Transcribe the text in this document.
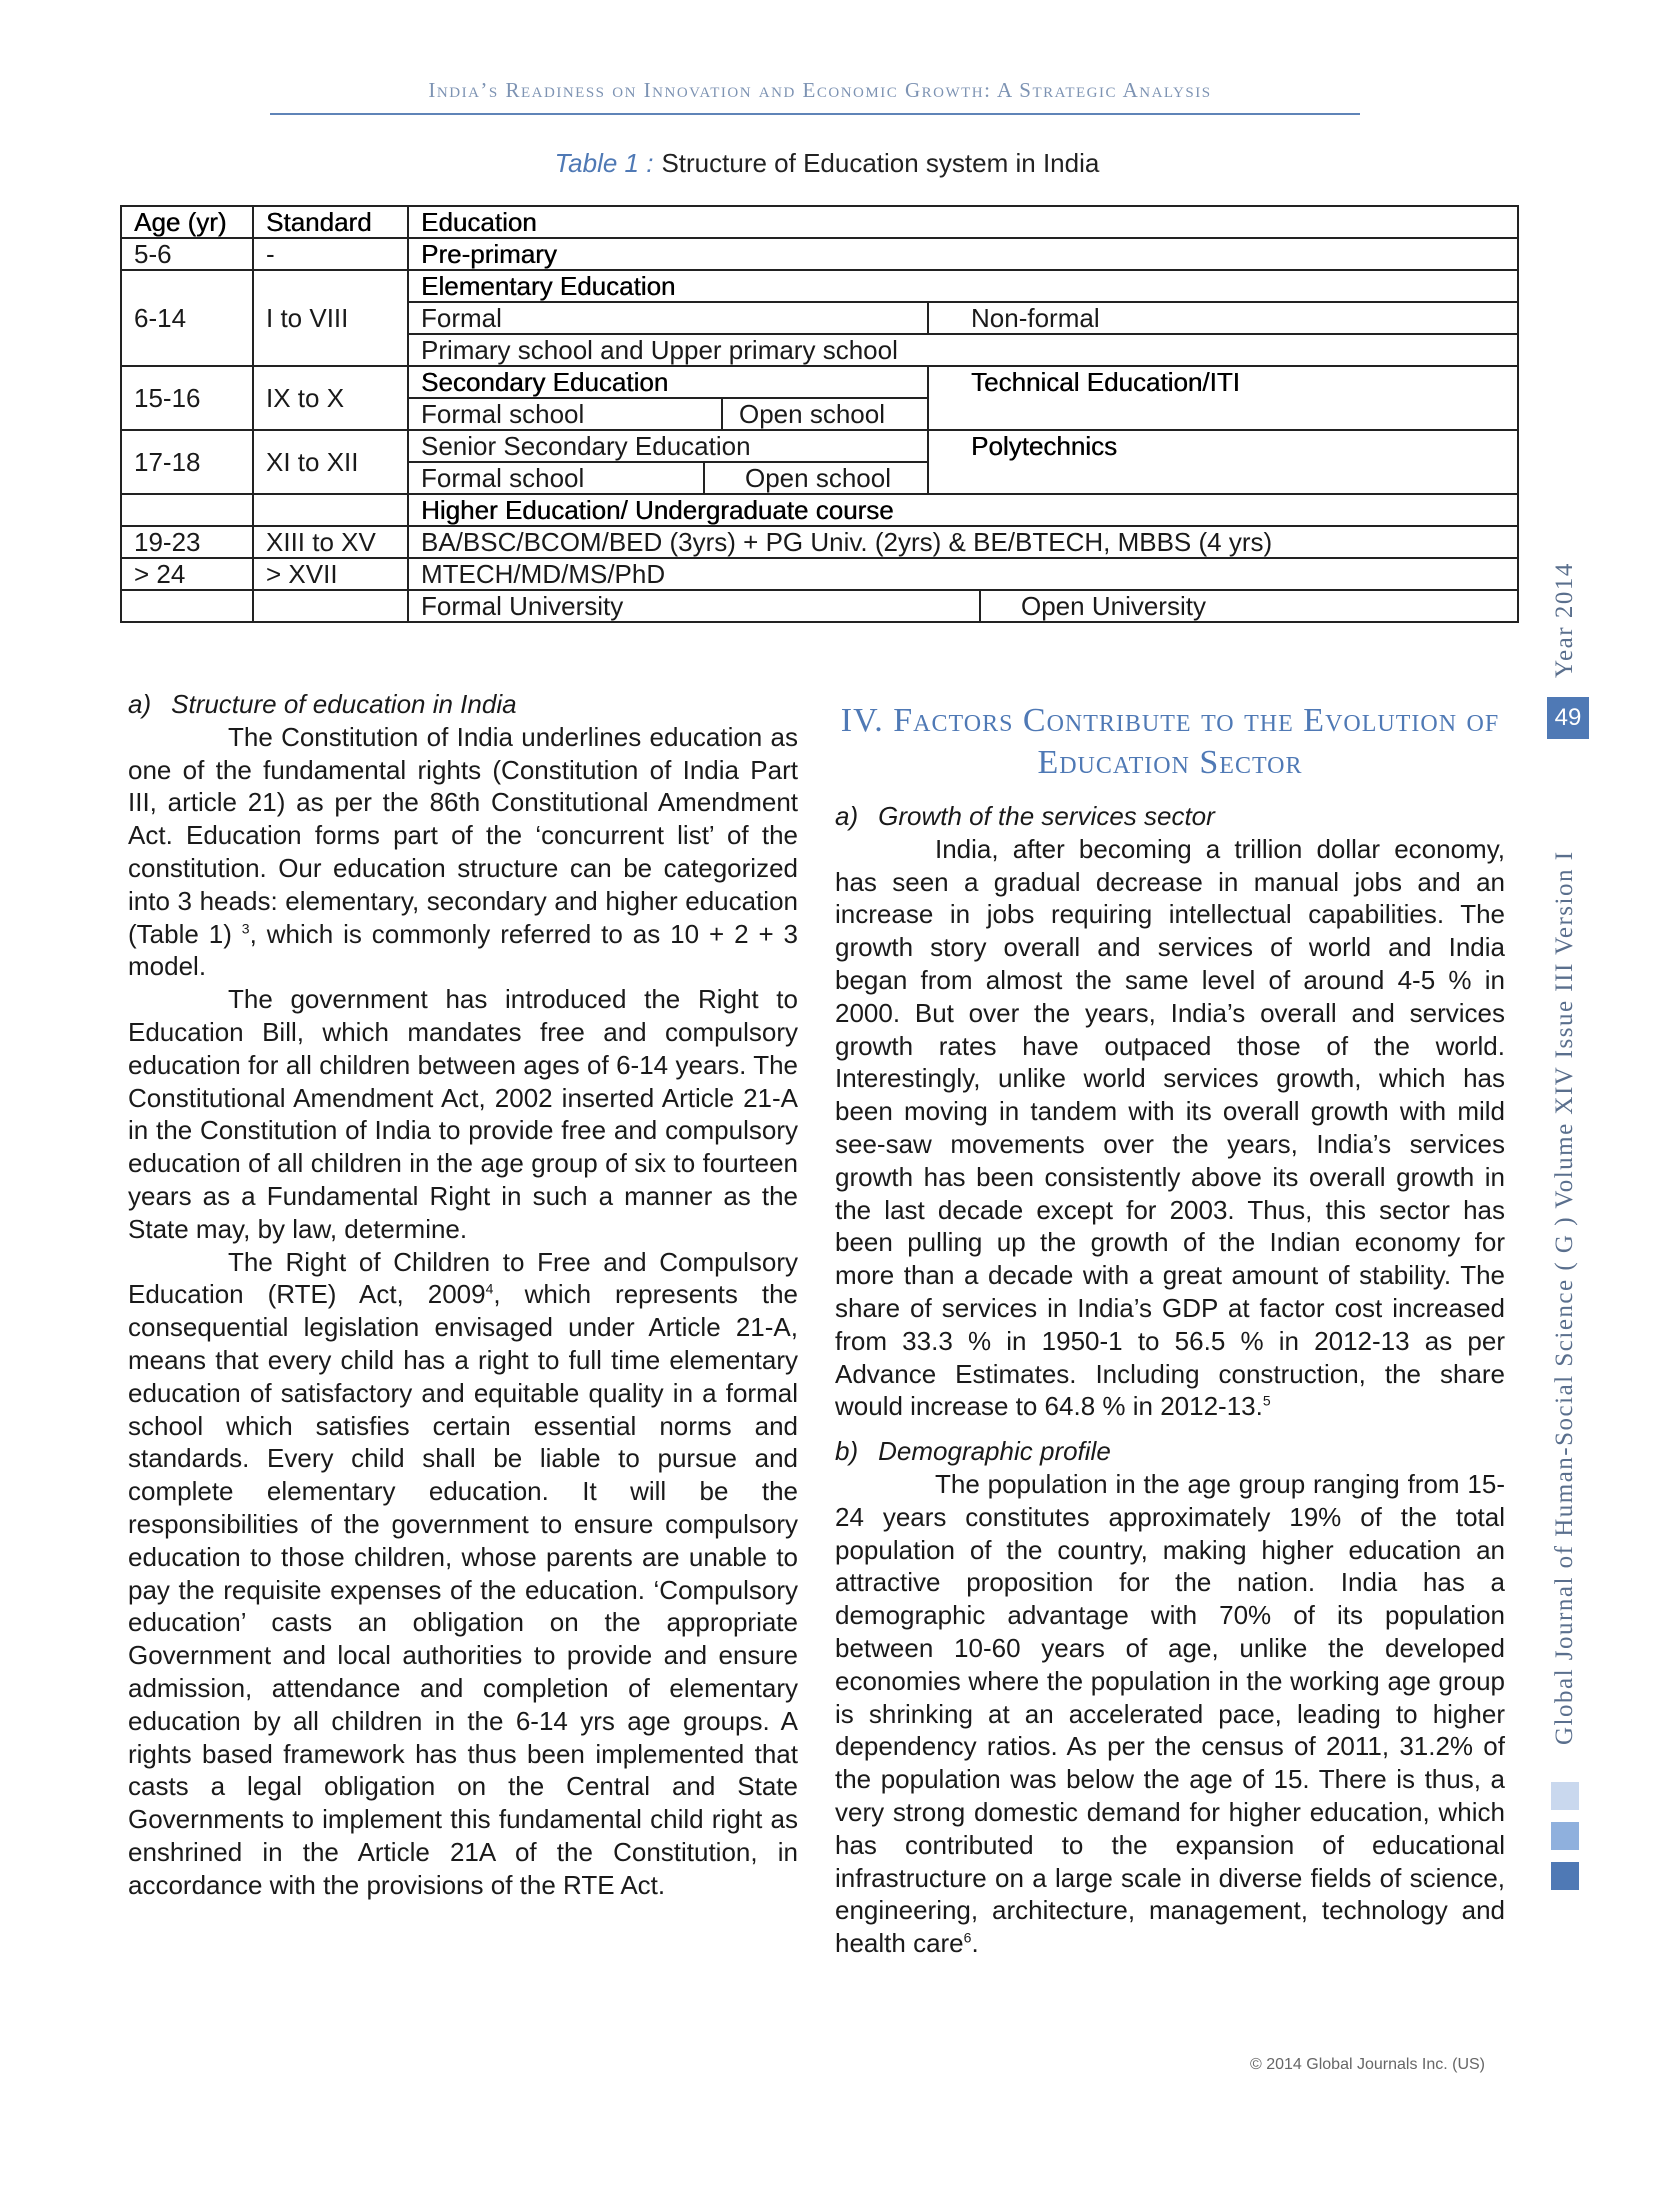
India’s Readiness on Innovation and Economic Growth: A Strategic Analysis
Table 1 : Structure of Education system in India
Age (yr)	Standard	Education	
5-6	-	Pre-primary	
6-14	I to VIII	Elementary Education	
		Formal	Non-formal
		Primary school and Upper primary school	
15-16	IX to X	Secondary Education	Technical Education/ITI

		Formal school Open school	

17-18	XI to XII	Senior Secondary Education	Polytechnics

		Formal school Open school	

		Higher Education/ Undergraduate course	
19-23	XIII to XV	BA/BSC/BCOM/BED (3yrs) + PG Univ. (2yrs) & BE/BTECH, MBBS (4 yrs)	
> 24	> XVII	MTECH/MD/MS/PhD	

		Formal University Open University	
a) Structure of education in India

The Constitution of India underlines education as one of the fundamental rights (Constitution of India Part III, article 21) as per the 86th Constitutional Amendment Act. Education forms part of the ‘concurrent list’ of the constitution. Our education structure can be categorized into 3 heads: elementary, secondary and higher education (Table 1) $^3$, which is commonly referred to as 10 + 2 + 3 model.

The government has introduced the Right to Education Bill, which mandates free and compulsory education for all children between ages of 6-14 years. The Constitutional Amendment Act, 2002 inserted Article 21-A in the Constitution of India to provide free and compulsory education of all children in the age group of six to fourteen years as a Fundamental Right in such a manner as the State may, by law, determine.

The Right of Children to Free and Compulsory Education (RTE) Act, 2009$^4$, which represents the consequential legislation envisaged under Article 21-A, means that every child has a right to full time elementary education of satisfactory and equitable quality in a formal school which satisfies certain essential norms and standards. Every child shall be liable to pursue and complete elementary education. It will be the responsibilities of the government to ensure compulsory education to those children, whose parents are unable to pay the requisite expenses of the education. ‘Compulsory education’ casts an obligation on the appropriate Government and local authorities to provide and ensure admission, attendance and completion of elementary education by all children in the 6-14 yrs age groups. A rights based framework has thus been implemented that casts a legal obligation on the Central and State Governments to implement this fundamental child right as enshrined in the Article 21A of the Constitution, in accordance with the provisions of the RTE Act.

IV. Factors Contribute to the Evolution of Education Sector
a) Growth of the services sector

India, after becoming a trillion dollar economy, has seen a gradual decrease in manual jobs and an increase in jobs requiring intellectual capabilities. The growth story overall and services of world and India began from almost the same level of around 4-5 % in 2000. But over the years, India’s overall and services growth rates have outpaced those of the world. Interestingly, unlike world services growth, which has been moving in tandem with its overall growth with mild see-saw movements over the years, India’s services growth has been consistently above its overall growth in the last decade except for 2003. Thus, this sector has been pulling up the growth of the Indian economy for more than a decade with a great amount of stability. The share of services in India’s GDP at factor cost increased from 33.3 % in 1950-1 to 56.5 % in 2012-13 as per Advance Estimates. Including construction, the share would increase to 64.8 % in 2012-13.$^5$

b) Demographic profile

The population in the age group ranging from 15-24 years constitutes approximately 19% of the total population of the country, making higher education an attractive proposition for the nation. India has a demographic advantage with 70% of its population between 10-60 years of age, unlike the developed economies where the population in the working age group is shrinking at an accelerated pace, leading to higher dependency ratios. As per the census of 2011, 31.2% of the population was below the age of 15. There is thus, a very strong domestic demand for higher education, which has contributed to the expansion of educational infrastructure on a large scale in diverse fields of science, engineering, architecture, management, technology and health care$^6$.

Year 2014
49
Global Journal of Human-Social Science ( G ) Volume XIV Issue III Version I
© 2014 Global Journals Inc. (US)
